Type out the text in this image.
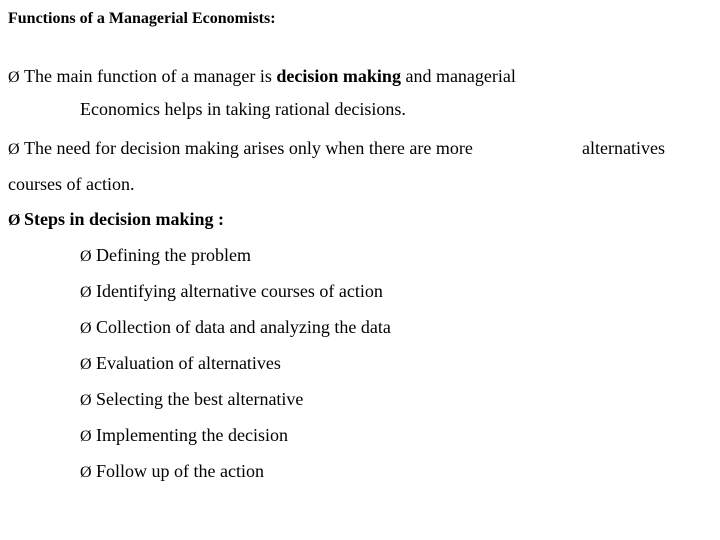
Functions of a Managerial Economists:
Ø The main function of a manager is decision making and managerial
Economics helps in taking rational decisions.
Ø The need for decision making arises only when there are more	alternatives
courses of action.
Ø Steps in decision making :
Ø Defining the problem
Ø Identifying alternative courses of action
Ø Collection of data and analyzing the data
Ø Evaluation of alternatives
Ø Selecting the best alternative
Ø Implementing the decision
Ø Follow up of the action
